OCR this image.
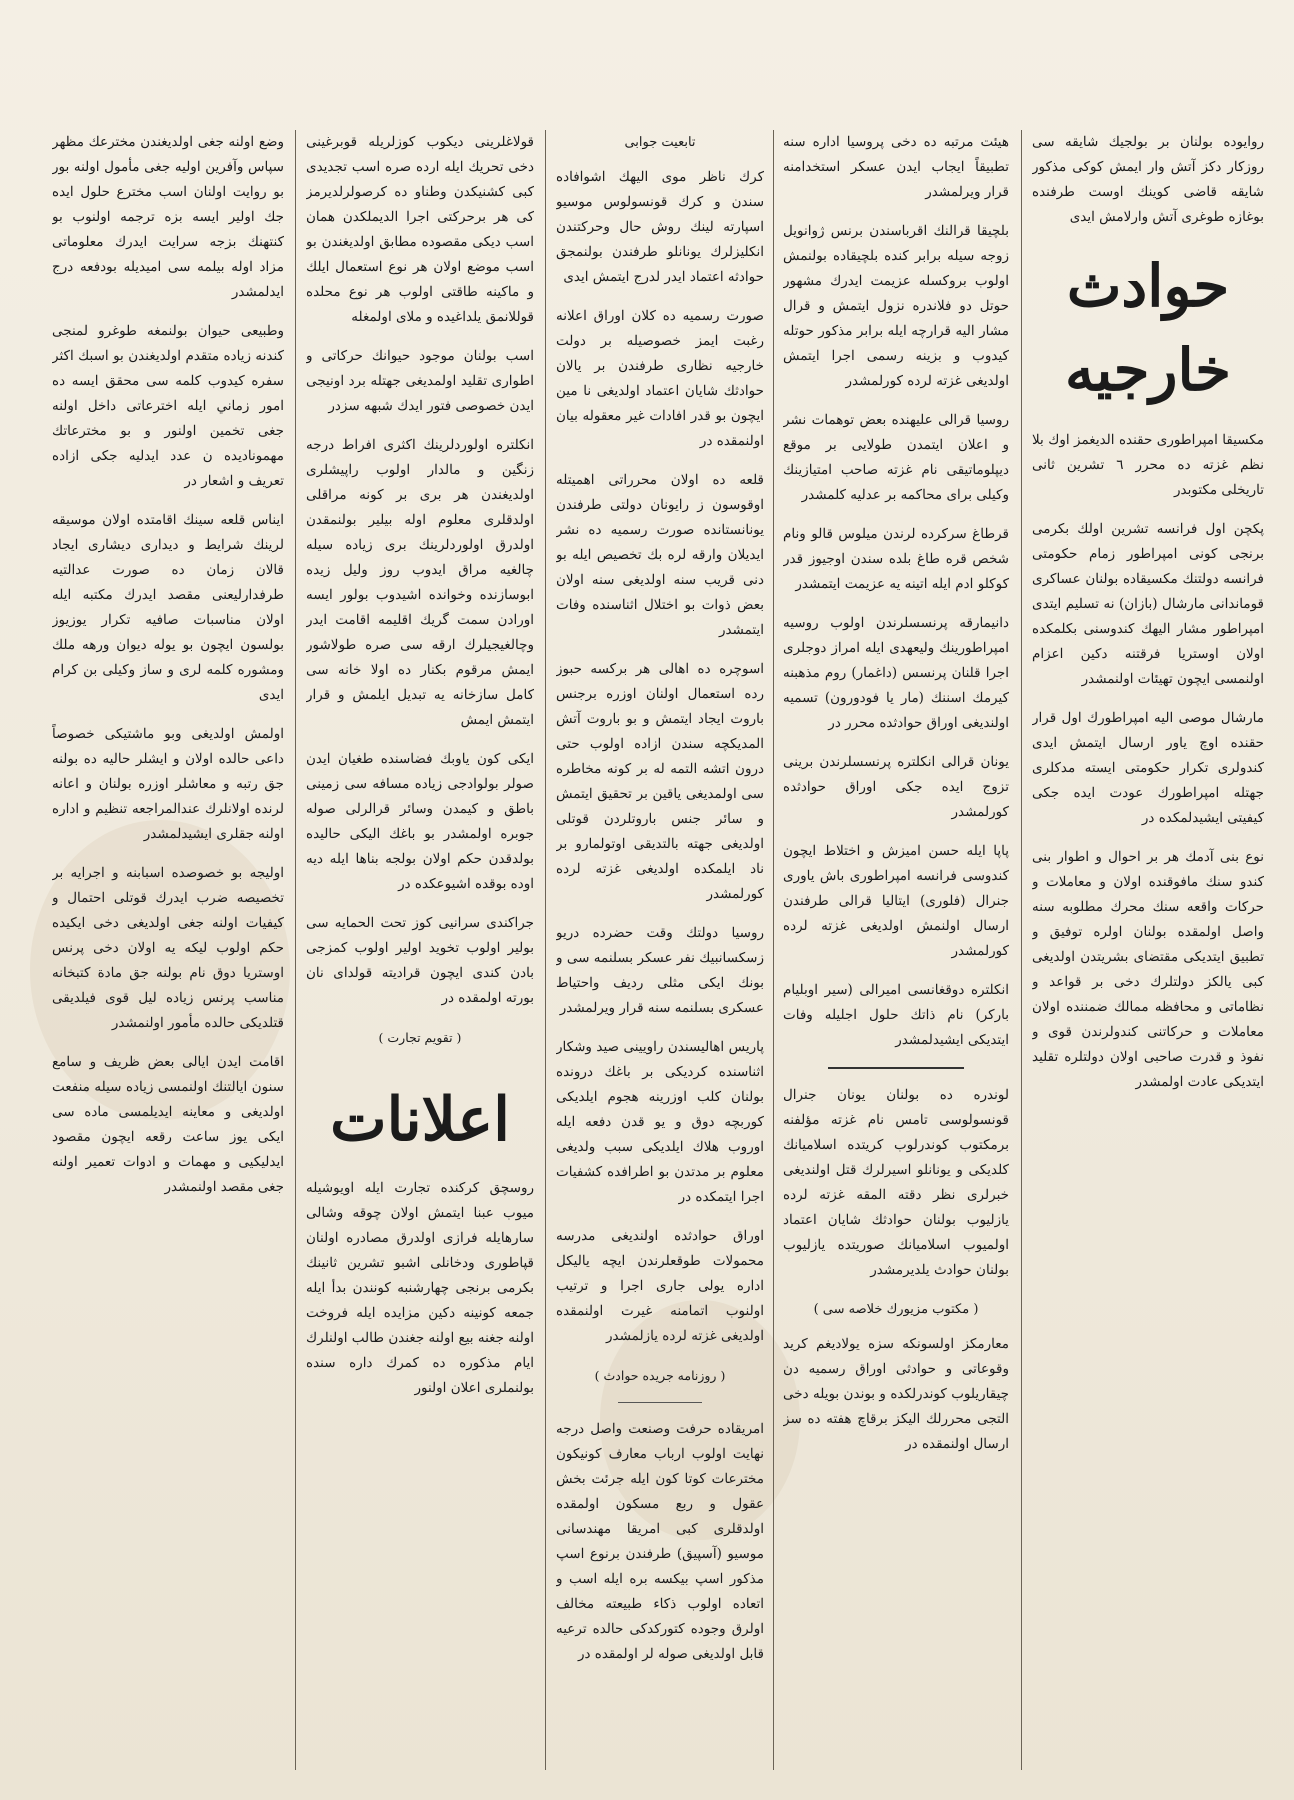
روایوده بولنان بر بولجیك شايقه سی روزكار دكز آتش وار ایمش كوكی مذكور شايقه قاضی كوينك اوست طرفنده بوغازه طوغری آتش وارلامش ایدی

حوادث خارجیه

مكسیقا امپراطوری حقنده الدیغمز اوك بلا نظم غزته ده محرر ٦ تشرين ثانی تاریخلی مكتوبدر

پكچن اول فرانسه تشرين اولك بكرمی برنجی كونی امپراطور زمام حكومتی فرانسه دولتنك مكسیقاده بولنان عساكری قوماندانی مارشال (بازان) نه تسلیم ایتدی امپراطور مشار الیهك كندوسنی بكلمكده اولان اوستريا فرقتنه دكین اعزام اولنمسی ایچون تهیئات اولنمشدر

مارشال موصی الیه امپراطورك اول قرار حقنده اوچ یاور ارسال ایتمش ایدی كندولری تکرار حكومتی ایسته مدكلری جهتله امپراطورك عودت ایده جکی كیفیتی ایشیدلمكده در

نوع بنی آدمك هر بر احوال و اطوار بنی كندو سنك مافوقنده اولان و معاملات و حركات واقعه سنك محرك مطلوبه سنه واصل اولمقده بولنان اولره توفیق و تطبیق ایتدیكی مقتضای بشریتدن اولدیغی كبی یالكز دولتلرك دخی بر قواعد و نظاماتی و محافظه ممالك ضمننده اولان معاملات و حركاتنی كندولرندن قوی و نفوذ و قدرت صاحبی اولان دولتلره تقلید ایتدیكی عادت اولمشدر

هیئت مرتبه ده دخی پروسیا اداره سنه تطبیقاً ایجاب ایدن عسکر استخدامنه قرار ویرلمشدر

بلچیقا قرالنك اقرباسندن برنس ژوانویل زوجه سیله برابر كنده بلچیقاده بولنمش اولوب بروكسله عزیمت ایدرك مشهور حوتل دو فلاندره نزول ایتمش و قرال مشار الیه قرارچه ایله برابر مذكور حوتله كیدوب و بزینه رسمی اجرا ایتمش اولدیغی غزته لرده كورلمشدر

روسیا قرالی علیهنده بعض توهمات نشر و اعلان ایتمدن طولایی بر موقع دیپلوماتیقی نام غزته صاحب امتیازینك وكیلی برای محاكمه بر عدلیه كلمشدر

قرطاغ سركرده لرندن میلوس قالو ونام شخص قره طاغ بلده سندن اوجیوز قدر كوكلو ادم ایله اتینه یه عزیمت ایتمشدر

دانیمارقه پرنسسلرندن اولوب روسیه امپراطورینك ولیعهدی ایله امراز دوجلری اجرا قلنان پرنسس (داغمار) روم مذهبنه كیرمك اسننك (مار یا فودورون) تسمیه اولندیغی اوراق حوادثده محرر در

یونان قرالی انكلتره پرنسسلرندن برینی تزوج ایده جكی اوراق حوادثده كورلمشدر

پاپا ایله حسن امیزش و اختلاط ایچون كندوسی فرانسه امپراطوری باش یاوری جنرال (فلوری) ایتالیا قرالی طرفندن ارسال اولنمش اولدیغی غزته لرده كورلمشدر

انكلتره دوقغانسی امیرالی (سیر اوبلیام بارکر) نام ذاتك حلول اجلیله وفات ایتدیكی ایشیدلمشدر

لوندره ده بولنان یونان جنرال قونسولوسی تامس نام غزته مؤلفنه برمكتوب كوندرلوب كریتده اسلامیانك كلدیكی و یونانلو اسیرلرك قتل اولندیغی خبرلری نظر دقته المقه غزته لرده یازلیوب بولنان حوادثك شایان اعتماد اولمیوب اسلامیانك صوریتده یازلیوب بولنان حوادث یلدیرمشدر

( مكتوب مزیورك خلاصه سی )

معارمكز اولسونكه سزه یولادیغم كرید وقوعاتی و حوادثی اوراق رسمیه دن چیقاریلوب كوندرلكده و بوندن بویله دخی التجی محررلك الیكز برقاچ هفته ده سز ارسال اولنمقده در

تابعیت جوابی

كرك ناظر موی الیهك اشوافاده سندن و كرك قونسولوس موسیو اسپارته لینك روش حال وحركتندن انكلیزلرك یونانلو طرفندن بولنمجق حوادثه اعتماد ایدر لدرج ایتمش ایدی

صورت رسمیه ده كلان اوراق اعلانه رغبت ایمز خصوصیله بر دولت خارجیه نظاری طرفندن بر یالان حوادثك شايان اعتماد اولدیغی نا مین ایچون بو قدر افادات غیر معقوله بیان اولنمقده در

قلعه ده اولان محرراتی اهمیتله اوقوسون ز رایونان دولتی طرفندن یونانستانده صورت رسمیه ده نشر ایدیلان وارقه لره بك تخصیص ایله بو دنی قریب سنه اولدیغی سنه اولان بعض ذوات بو اختلال اثناسنده وفات ایتمشدر

اسوچره ده اهالی هر برکسه حبوز رده استعمال اولنان اوزره برجنس باروت ایجاد ایتمش و بو باروت آتش المدیكچه سندن ازاده اولوب حتی درون اتشه التمه له بر كونه مخاطره سی اولمدیغی یاقین بر تحقیق ایتمش و سائر جنس باروتلردن قوتلی اولدیغی جهته بالتدیقی اوتولمارو بر ناد ایلمكده اولدیغی غزته لرده كورلمشدر

روسیا دولتك وقت حضرده دریو زسكسانبیك نفر عسكر بسلنمه سی و بونك ایكی مثلی ردیف واحتیاط عسكری بسلنمه سنه قرار ویرلمشدر

پاریس اهالیسندن راویینی صید وشكار اثناسنده كردیكی بر باغك درونده بولنان كلب اوزرینه هجوم ایلدیكی كوربچه دوق و یو قدن دفعه ایله اوروب هلاك ایلدیكی سبب ولدیغی معلوم بر مدتدن بو اطرافده كشفیات اجرا ایتمكده در

اوراق حوادثده اولندیغی مدرسه محمولات طوقعلرندن ایچه یالیكل اداره یولی جاری اجرا و ترتیب اولنوب اتمامنه غیرت اولنمقده اولدیغی غزته لرده یازلمشدر

( روزنامه جریده حوادث )

امریقاده حرفت وصنعت واصل درجه نهایت اولوب ارباب معارف كونیكون مخترعات كوتا كون ایله جرئت بخش عقول و ربع مسكون اولمقده اولدقلری كبی امریقا مهندسانی موسیو (آسپیق) طرفندن برنوع اسپ مذكور اسپ بیكسه بره ایله اسب و اتعاده اولوب ذكاء طبیعته مخالف اولرق وجوده كتوركدكی حالده ترعیه قابل اولدیغی صوله لر اولمقده در

قولاغلرینی دیكوب كوزلریله قوبرغینی دخی تحریك ایله ارده صره اسب تجدیدی كبی كشنیكدن وطناو ده كرصولرلدیرمز كی هر برحركتی اجرا الدیملكدن همان اسب دیكی مقصوده مطابق اولدیغندن بو اسب موضع اولان هر نوع استعمال ایلك و ماكینه طاقتی اولوب هر نوع محلده قوللانمق یلداغیده و ملای اولمغله

اسب بولنان موجود حیوانك حركاتی و اطواری تقلید اولمدیغی جهتله برد اونیجی ایدن خصوصی فتور ایدك شبهه سزدر

انكلتره اولوردلرینك اكثری افراط درجه زنگین و مالدار اولوب راپیشلری اولدیغندن هر بری بر كونه مراقلی اولدقلری معلوم اوله بیلیر بولنمقدن اولدرق اولوردلرینك بری زیاده سیله چالغیه مراق ایدوب روز ولیل زیده ابوسازنده وخوانده اشیدوب بولور ایسه اورادن سمت گریك اقلیمه اقامت ایدر وچالغیجیلرك ارقه سی صره طولاشور ایمش مرقوم بكنار ده اولا خانه سی كامل سازخانه یه تبدیل ایلمش و قرار ایتمش ایمش

ایكی كون یاوبك فضاسنده طغیان ایدن صولر بولوادجی زیاده مسافه سی زمینی باطق و كیمدن وسائر قرالرلی صوله جوبره اولمشدر بو باغك الیكی حالیده بولدقدن حكم اولان بولجه بناها ایله دیه اوده بوقده اشیوعكده در

جراكندی سرانیی كوز تحت الحمایه سی بولیر اولوب تخوید اولیر اولوب كمزجی بادن كندی ایچون قرادیته قولدای نان بورته اولمقده در

( تقویم تجارت )
اعلانات

روسچق كركنده تجارت ایله اویوشیله میوب عبنا ایتمش اولان چوقه وشالی سارهایله فرازی اولدرق مصادره اولنان قپاطوری ودخانلی اشبو تشرین ثانینك بكرمی برنجی چهارشنبه كونندن بدأ ایله جمعه كونینه دكین مزایده ایله فروخت اولنه جغنه بیع اولنه جغندن طالب اولنلرك ایام مذكوره ده كمرك داره سنده بولنملری اعلان اولنور

وضع اولنه جغی اولدیغندن مخترعك مظهر سپاس وآفرین اولیه جغی مأمول اولنه بور بو روایت اولنان اسب مخترع حلول ایده جك اولیر ایسه بزه ترجمه اولنوب بو كنتهنك بزجه سرایت ایدرك معلوماتی مزاد اوله بیلمه سی امیدیله بودفعه درج ایدلمشدر

وطبیعی حیوان بولنمغه طوغرو لمنجی كندنه زیاده متقدم اولدیغندن بو اسبك اكثر سفره كیدوب كلمه سی محقق ایسه ده امور زماني ایله اخترعاتی داخل اولنه جغی تخمین اولنور و بو مخترعاتك مهمونادیده ن عدد ایدلیه جکی ازاده تعریف و اشعار در

ایناس قلعه سینك اقامتده اولان موسیقه لرینك شرایط و دیداری دیشاری ایجاد قالان زمان ده صورت عدالتیه طرفدارلیعنی مقصد ایدرك مكتبه ایله اولان مناسبات صافیه تكرار یوزیوز بولسون ایچون بو یوله دیوان ورهه ملك ومشوره كلمه لری و ساز وكیلی بن كرام ایدی

اولمش اولدیغی وبو ماشتیكی خصوصاً داعی حالده اولان و ایشلر حالیه ده بولنه جق رتبه و معاشلر اوزره بولنان و اعانه لرنده اولانلرك عندالمراجعه تنظیم و اداره اولنه جقلری ایشیدلمشدر

اولیجه بو خصوصده اسبابنه و اجرایه بر تخصیصه ضرب ایدرك قوتلی احتمال و كیفیات اولنه جغی اولدیغی دخی ایکیده حكم اولوب لیكه یه اولان دخی پرنس اوستريا دوق نام بولنه جق مادة كتبخانه مناسب پرنس زیاده لیل قوی فیلدیقی قتلدیكی حالده مأمور اولنمشدر

اقامت ایدن ایالی بعض ظریف و سامع سنون ایالتنك اولنمسی زیاده سیله منفعت اولدیغی و معاینه ایدیلمسی ماده سی ایكی یوز ساعت رقعه ایچون مقصود ایدلیكیی و مهمات و ادوات تعمیر اولنه جغی مقصد اولنمشدر
